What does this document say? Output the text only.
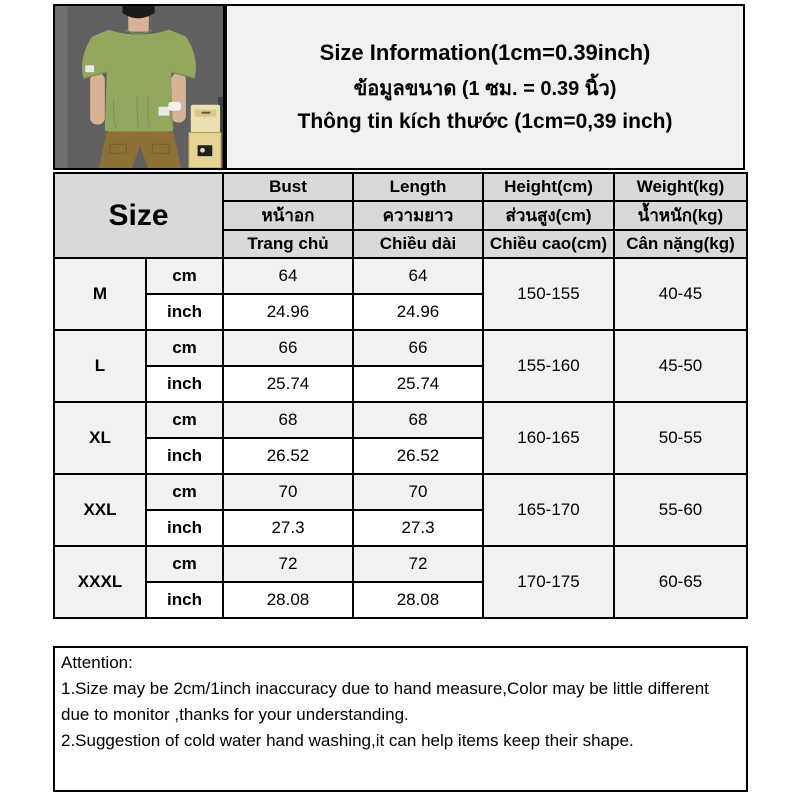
Size Information(1cm=0.39inch)
ข้อมูลขนาด (1 ซม. = 0.39 นิ้ว)
Thông tin kích thước (1cm=0,39 inch)
Size		Bust	Length	Height(cm)	Weight(kg)
		หน้าอก	ความยาว	ส่วนสูง(cm)	น้ำหนัก(kg)
		Trang chủ	Chiều dài	Chiều cao(cm)	Cân nặng(kg)
M	cm	64	64	150-155	40-45
	inch	24.96	24.96		
L	cm	66	66	155-160	45-50
	inch	25.74	25.74		
XL	cm	68	68	160-165	50-55
	inch	26.52	26.52		
XXL	cm	70	70	165-170	55-60
	inch	27.3	27.3		
XXXL	cm	72	72	170-175	60-65
	inch	28.08	28.08		
Attention:
1.Size may be 2cm/1inch inaccuracy due to hand measure,Color may be little different due to monitor ,thanks for your understanding.
2.Suggestion of cold water hand washing,it can help items keep their shape.
